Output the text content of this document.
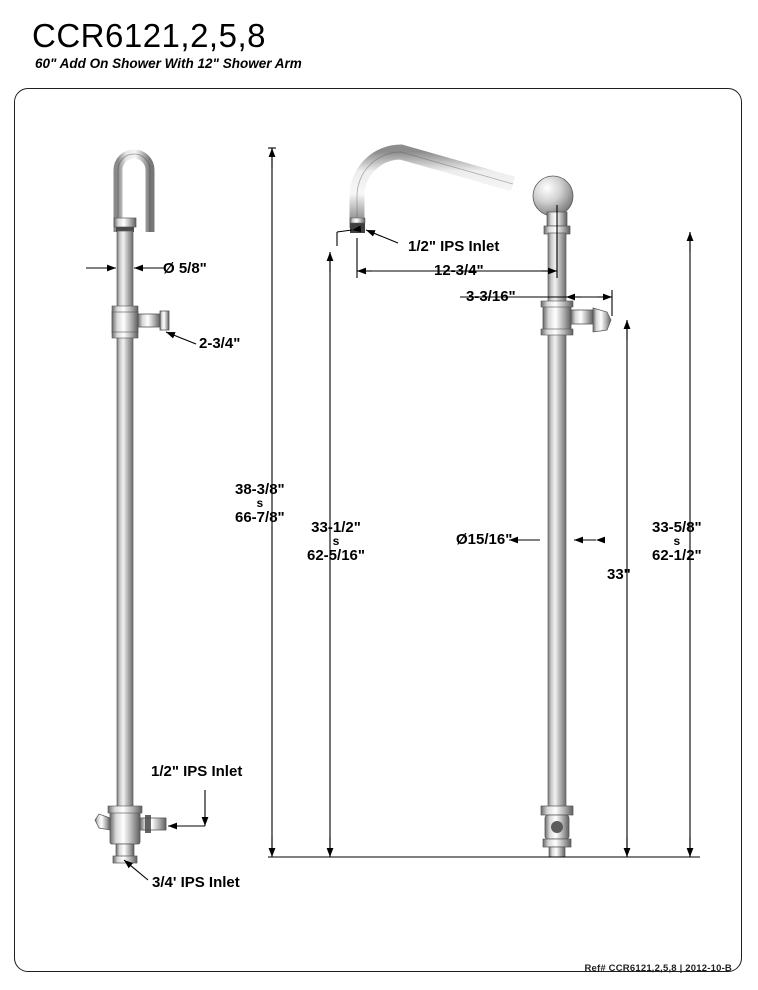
CCR6121,2,5,8
60" Add On Shower With 12" Shower Arm
Ø 5/8"
2-3/4"
1/2" IPS Inlet
12-3/4"
3-3/16"
38-3/8"
s
66-7/8"
33-1/2"
s
62-5/16"
Ø15/16"
33"
33-5/8"
s
62-1/2"
1/2" IPS Inlet
3/4' IPS Inlet
Ref# CCR6121,2,5,8 | 2012-10-B
